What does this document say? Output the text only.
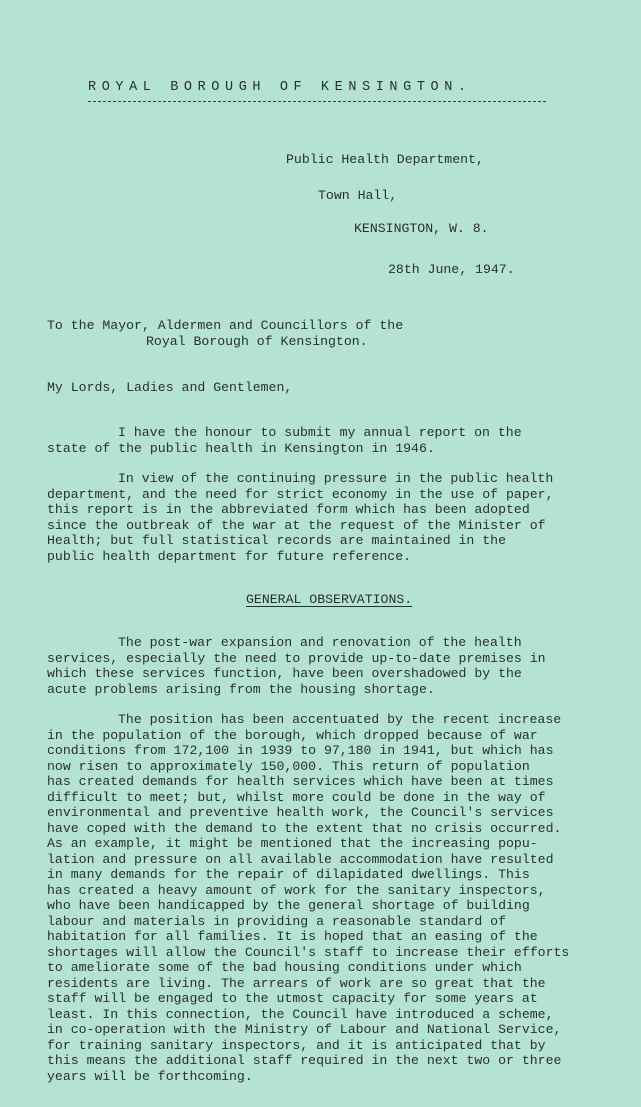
ROYAL BOROUGH OF KENSINGTON.
Public Health Department,
Town Hall,
KENSINGTON, W. 8.
28th June, 1947.
To the Mayor, Aldermen and Councillors of the
Royal Borough of Kensington.
My Lords, Ladies and Gentlemen,
I have the honour to submit my annual report on the
state of the public health in Kensington in 1946.
In view of the continuing pressure in the public health
department, and the need for strict economy in the use of paper,
this report is in the abbreviated form which has been adopted
since the outbreak of the war at the request of the Minister of
Health; but full statistical records are maintained in the
public health department for future reference.
GENERAL OBSERVATIONS.
The post-war expansion and renovation of the health
services, especially the need to provide up-to-date premises in
which these services function, have been overshadowed by the
acute problems arising from the housing shortage.
The position has been accentuated by the recent increase
in the population of the borough, which dropped because of war
conditions from 172,100 in 1939 to 97,180 in 1941, but which has
now risen to approximately 150,000. This return of population
has created demands for health services which have been at times
difficult to meet; but, whilst more could be done in the way of
environmental and preventive health work, the Council's services
have coped with the demand to the extent that no crisis occurred.
As an example, it might be mentioned that the increasing popu-
lation and pressure on all available accommodation have resulted
in many demands for the repair of dilapidated dwellings. This
has created a heavy amount of work for the sanitary inspectors,
who have been handicapped by the general shortage of building
labour and materials in providing a reasonable standard of
habitation for all families. It is hoped that an easing of the
shortages will allow the Council's staff to increase their efforts
to ameliorate some of the bad housing conditions under which
residents are living. The arrears of work are so great that the
staff will be engaged to the utmost capacity for some years at
least. In this connection, the Council have introduced a scheme,
in co-operation with the Ministry of Labour and National Service,
for training sanitary inspectors, and it is anticipated that by
this means the additional staff required in the next two or three
years will be forthcoming.
